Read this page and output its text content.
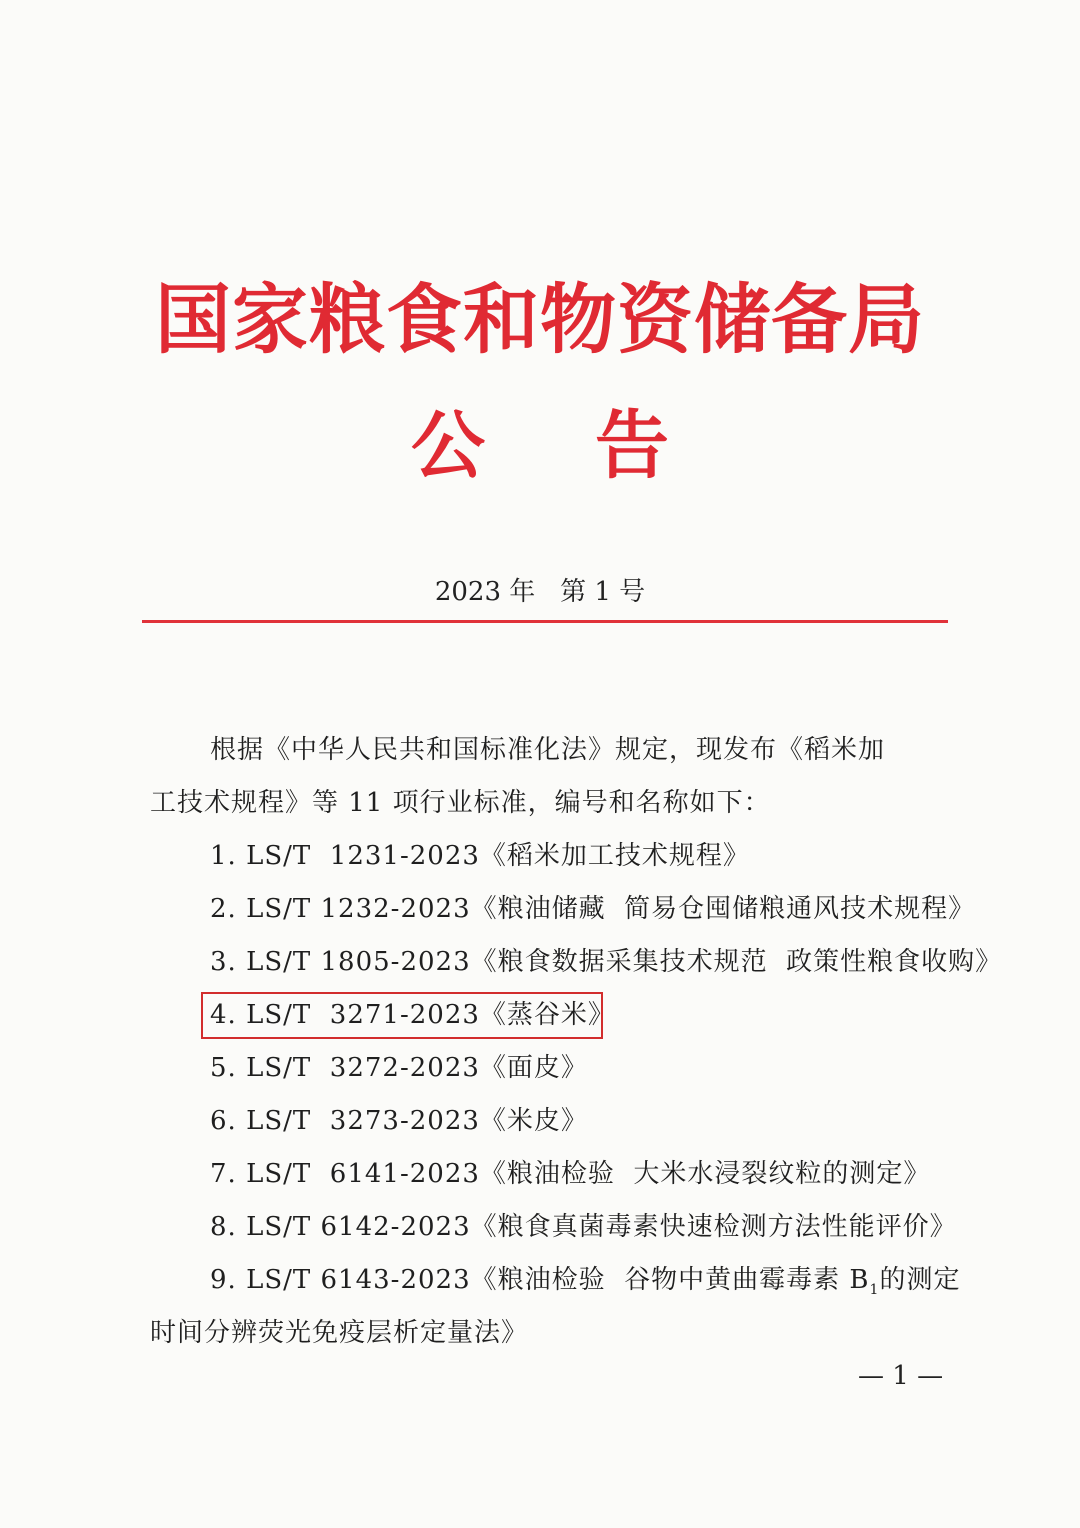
国家粮食和物资储备局
公 告
2023 年   第 1 号
根据《中华人民共和国标准化法》规定，现发布《稻米加
工技术规程》等 11 项行业标准，编号和名称如下：
1. LS/T  1231-2023《稻米加工技术规程》
2. LS/T 1232-2023《粮油储藏  简易仓囤储粮通风技术规程》
3. LS/T 1805-2023《粮食数据采集技术规范  政策性粮食收购》
4. LS/T  3271-2023《蒸谷米》
5. LS/T  3272-2023《面皮》
6. LS/T  3273-2023《米皮》
7. LS/T  6141-2023《粮油检验  大米水浸裂纹粒的测定》
8. LS/T 6142-2023《粮食真菌毒素快速检测方法性能评价》
9. LS/T 6143-2023《粮油检验  谷物中黄曲霉毒素 $B_1$的测定
时间分辨荧光免疫层析定量法》
— 1 —
